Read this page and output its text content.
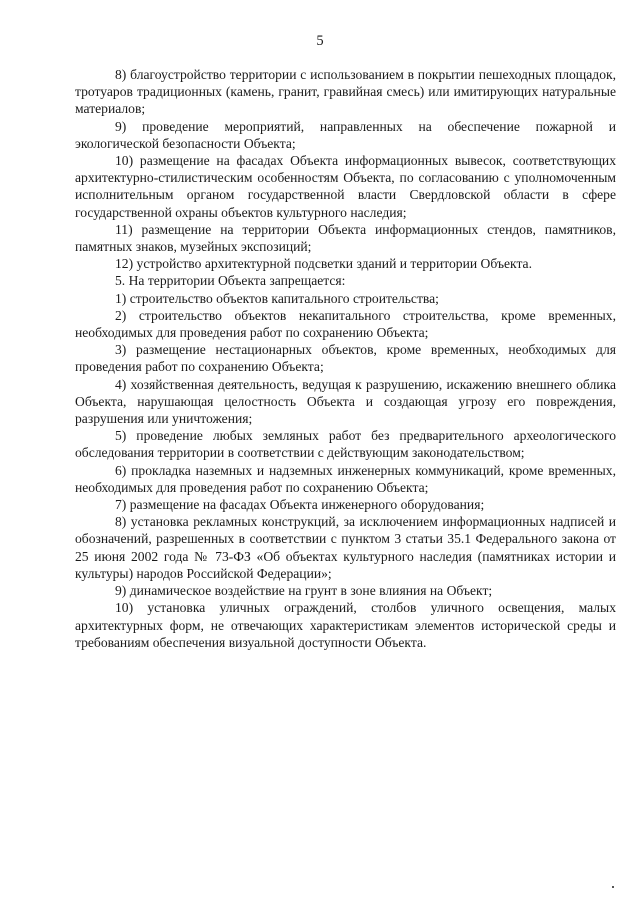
5

8) благоустройство территории с использованием в покрытии пешеходных площадок, тротуаров традиционных (камень, гранит, гравийная смесь) или имитирующих натуральные материалов;

9) проведение мероприятий, направленных на обеспечение пожарной и экологической безопасности Объекта;

10) размещение на фасадах Объекта информационных вывесок, соответствующих архитектурно-стилистическим особенностям Объекта, по согласованию с уполномоченным исполнительным органом государственной власти Свердловской области в сфере государственной охраны объектов культурного наследия;

11) размещение на территории Объекта информационных стендов, памятников, памятных знаков, музейных экспозиций;

12) устройство архитектурной подсветки зданий и территории Объекта.

5. На территории Объекта запрещается:

1) строительство объектов капитального строительства;

2) строительство объектов некапитального строительства, кроме временных, необходимых для проведения работ по сохранению Объекта;

3) размещение нестационарных объектов, кроме временных, необходимых для проведения работ по сохранению Объекта;

4) хозяйственная деятельность, ведущая к разрушению, искажению внешнего облика Объекта, нарушающая целостность Объекта и создающая угрозу его повреждения, разрушения или уничтожения;

5) проведение любых земляных работ без предварительного археологического обследования территории в соответствии с действующим законодательством;

6) прокладка наземных и надземных инженерных коммуникаций, кроме временных, необходимых для проведения работ по сохранению Объекта;

7) размещение на фасадах Объекта инженерного оборудования;

8) установка рекламных конструкций, за исключением информационных надписей и обозначений, разрешенных в соответствии с пунктом 3 статьи 35.1 Федерального закона от 25 июня 2002 года № 73-ФЗ «Об объектах культурного наследия (памятниках истории и культуры) народов Российской Федерации»;

9) динамическое воздействие на грунт в зоне влияния на Объект;

10) установка уличных ограждений, столбов уличного освещения, малых архитектурных форм, не отвечающих характеристикам элементов исторической среды и требованиям обеспечения визуальной доступности Объекта.
